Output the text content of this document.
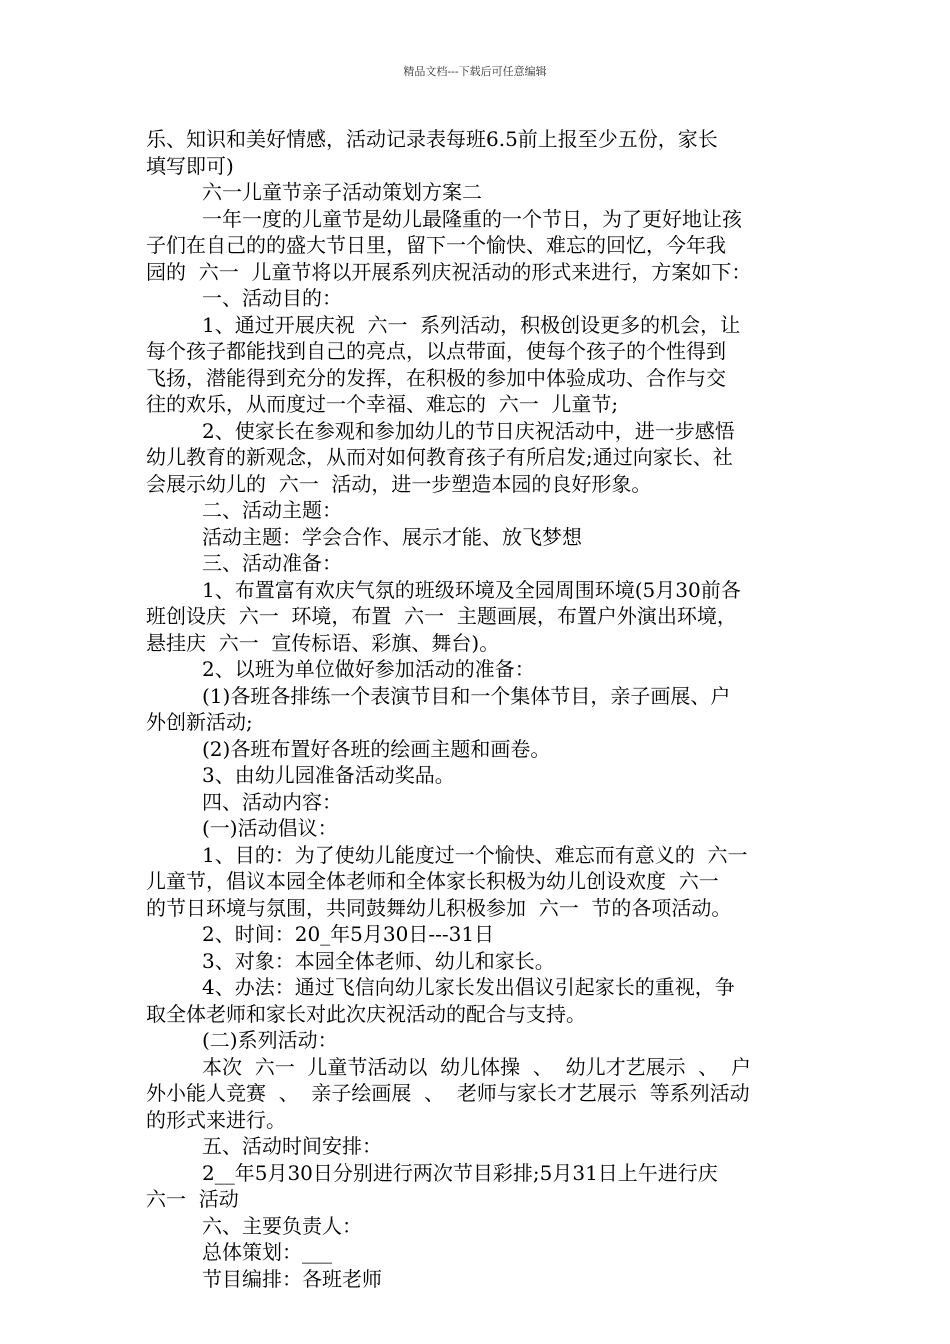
精品文档---下载后可任意编辑
乐、知识和美好情感，活动记录表每班6.5前上报至少五份，家长
填写即可)
六一儿童节亲子活动策划方案二
一年一度的儿童节是幼儿最隆重的一个节日，为了更好地让孩
子们在自己的的盛大节日里，留下一个愉快、难忘的回忆，今年我
园的  六一  儿童节将以开展系列庆祝活动的形式来进行，方案如下：
一、活动目的：
1、通过开展庆祝  六一  系列活动，积极创设更多的机会，让
每个孩子都能找到自己的亮点，以点带面，使每个孩子的个性得到
飞扬，潜能得到充分的发挥，在积极的参加中体验成功、合作与交
往的欢乐，从而度过一个幸福、难忘的  六一  儿童节;
2、使家长在参观和参加幼儿的节日庆祝活动中，进一步感悟
幼儿教育的新观念，从而对如何教育孩子有所启发;通过向家长、社
会展示幼儿的  六一  活动，进一步塑造本园的良好形象。
二、活动主题：
活动主题：学会合作、展示才能、放飞梦想
三、活动准备：
1、布置富有欢庆气氛的班级环境及全园周围环境(5月30前各
班创设庆  六一  环境，布置  六一  主题画展，布置户外演出环境，
悬挂庆  六一  宣传标语、彩旗、舞台)。
2、以班为单位做好参加活动的准备：
(1)各班各排练一个表演节目和一个集体节目，亲子画展、户
外创新活动;
(2)各班布置好各班的绘画主题和画卷。
3、由幼儿园准备活动奖品。
四、活动内容：
(一)活动倡议：
1、目的：为了使幼儿能度过一个愉快、难忘而有意义的  六一
儿童节，倡议本园全体老师和全体家长积极为幼儿创设欢度  六一
的节日环境与氛围，共同鼓舞幼儿积极参加  六一  节的各项活动。
2、时间：20_年5月30日---31日
3、对象：本园全体老师、幼儿和家长。
4、办法：通过飞信向幼儿家长发出倡议引起家长的重视，争
取全体老师和家长对此次庆祝活动的配合与支持。
(二)系列活动：
本次  六一  儿童节活动以  幼儿体操  、  幼儿才艺展示  、  户
外小能人竞赛  、  亲子绘画展  、  老师与家长才艺展示  等系列活动
的形式来进行。
五、活动时间安排：
2__年5月30日分别进行两次节目彩排;5月31日上午进行庆
六一  活动
六、主要负责人：
总体策划：___
节目编排：各班老师
